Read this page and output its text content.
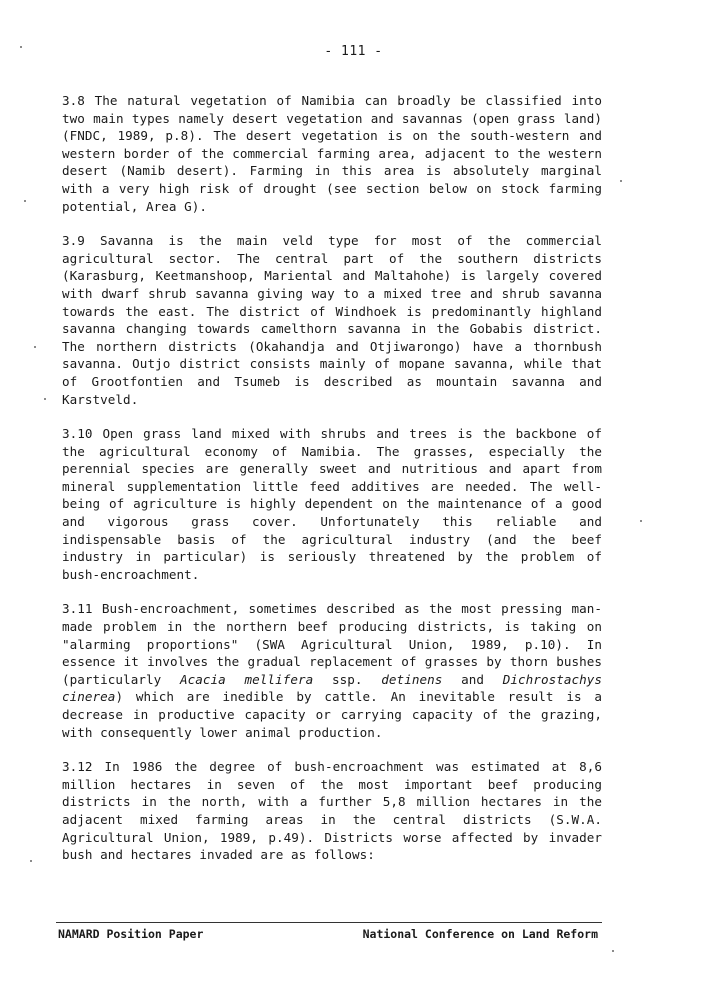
- 111 -

3.8 The natural vegetation of Namibia can broadly be classified into two main types namely desert vegetation and savannas (open grass land) (FNDC, 1989, p.8). The desert vegetation is on the south-western and western border of the commercial farming area, adjacent to the western desert (Namib desert). Farming in this area is absolutely marginal with a very high risk of drought (see section below on stock farming potential, Area G).

3.9 Savanna is the main veld type for most of the commercial agricultural sector. The central part of the southern districts (Karasburg, Keetmanshoop, Mariental and Maltahohe) is largely covered with dwarf shrub savanna giving way to a mixed tree and shrub savanna towards the east. The district of Windhoek is predominantly highland savanna changing towards camelthorn savanna in the Gobabis district. The northern districts (Okahandja and Otjiwarongo) have a thornbush savanna. Outjo district consists mainly of mopane savanna, while that of Grootfontien and Tsumeb is described as mountain savanna and Karstveld.

3.10 Open grass land mixed with shrubs and trees is the backbone of the agricultural economy of Namibia. The grasses, especially the perennial species are generally sweet and nutritious and apart from mineral supplementation little feed additives are needed. The well-being of agriculture is highly dependent on the maintenance of a good and vigorous grass cover. Unfortunately this reliable and indispensable basis of the agricultural industry (and the beef industry in particular) is seriously threatened by the problem of bush-encroachment.

3.11 Bush-encroachment, sometimes described as the most pressing man-made problem in the northern beef producing districts, is taking on "alarming proportions" (SWA Agricultural Union, 1989, p.10). In essence it involves the gradual replacement of grasses by thorn bushes (particularly Acacia mellifera ssp. detinens and Dichrostachys cinerea) which are inedible by cattle. An inevitable result is a decrease in productive capacity or carrying capacity of the grazing, with consequently lower animal production.

3.12 In 1986 the degree of bush-encroachment was estimated at 8,6 million hectares in seven of the most important beef producing districts in the north, with a further 5,8 million hectares in the adjacent mixed farming areas in the central districts (S.W.A. Agricultural Union, 1989, p.49). Districts worse affected by invader bush and hectares invaded are as follows:

NAMARD Position Paper	National Conference on Land Reform
